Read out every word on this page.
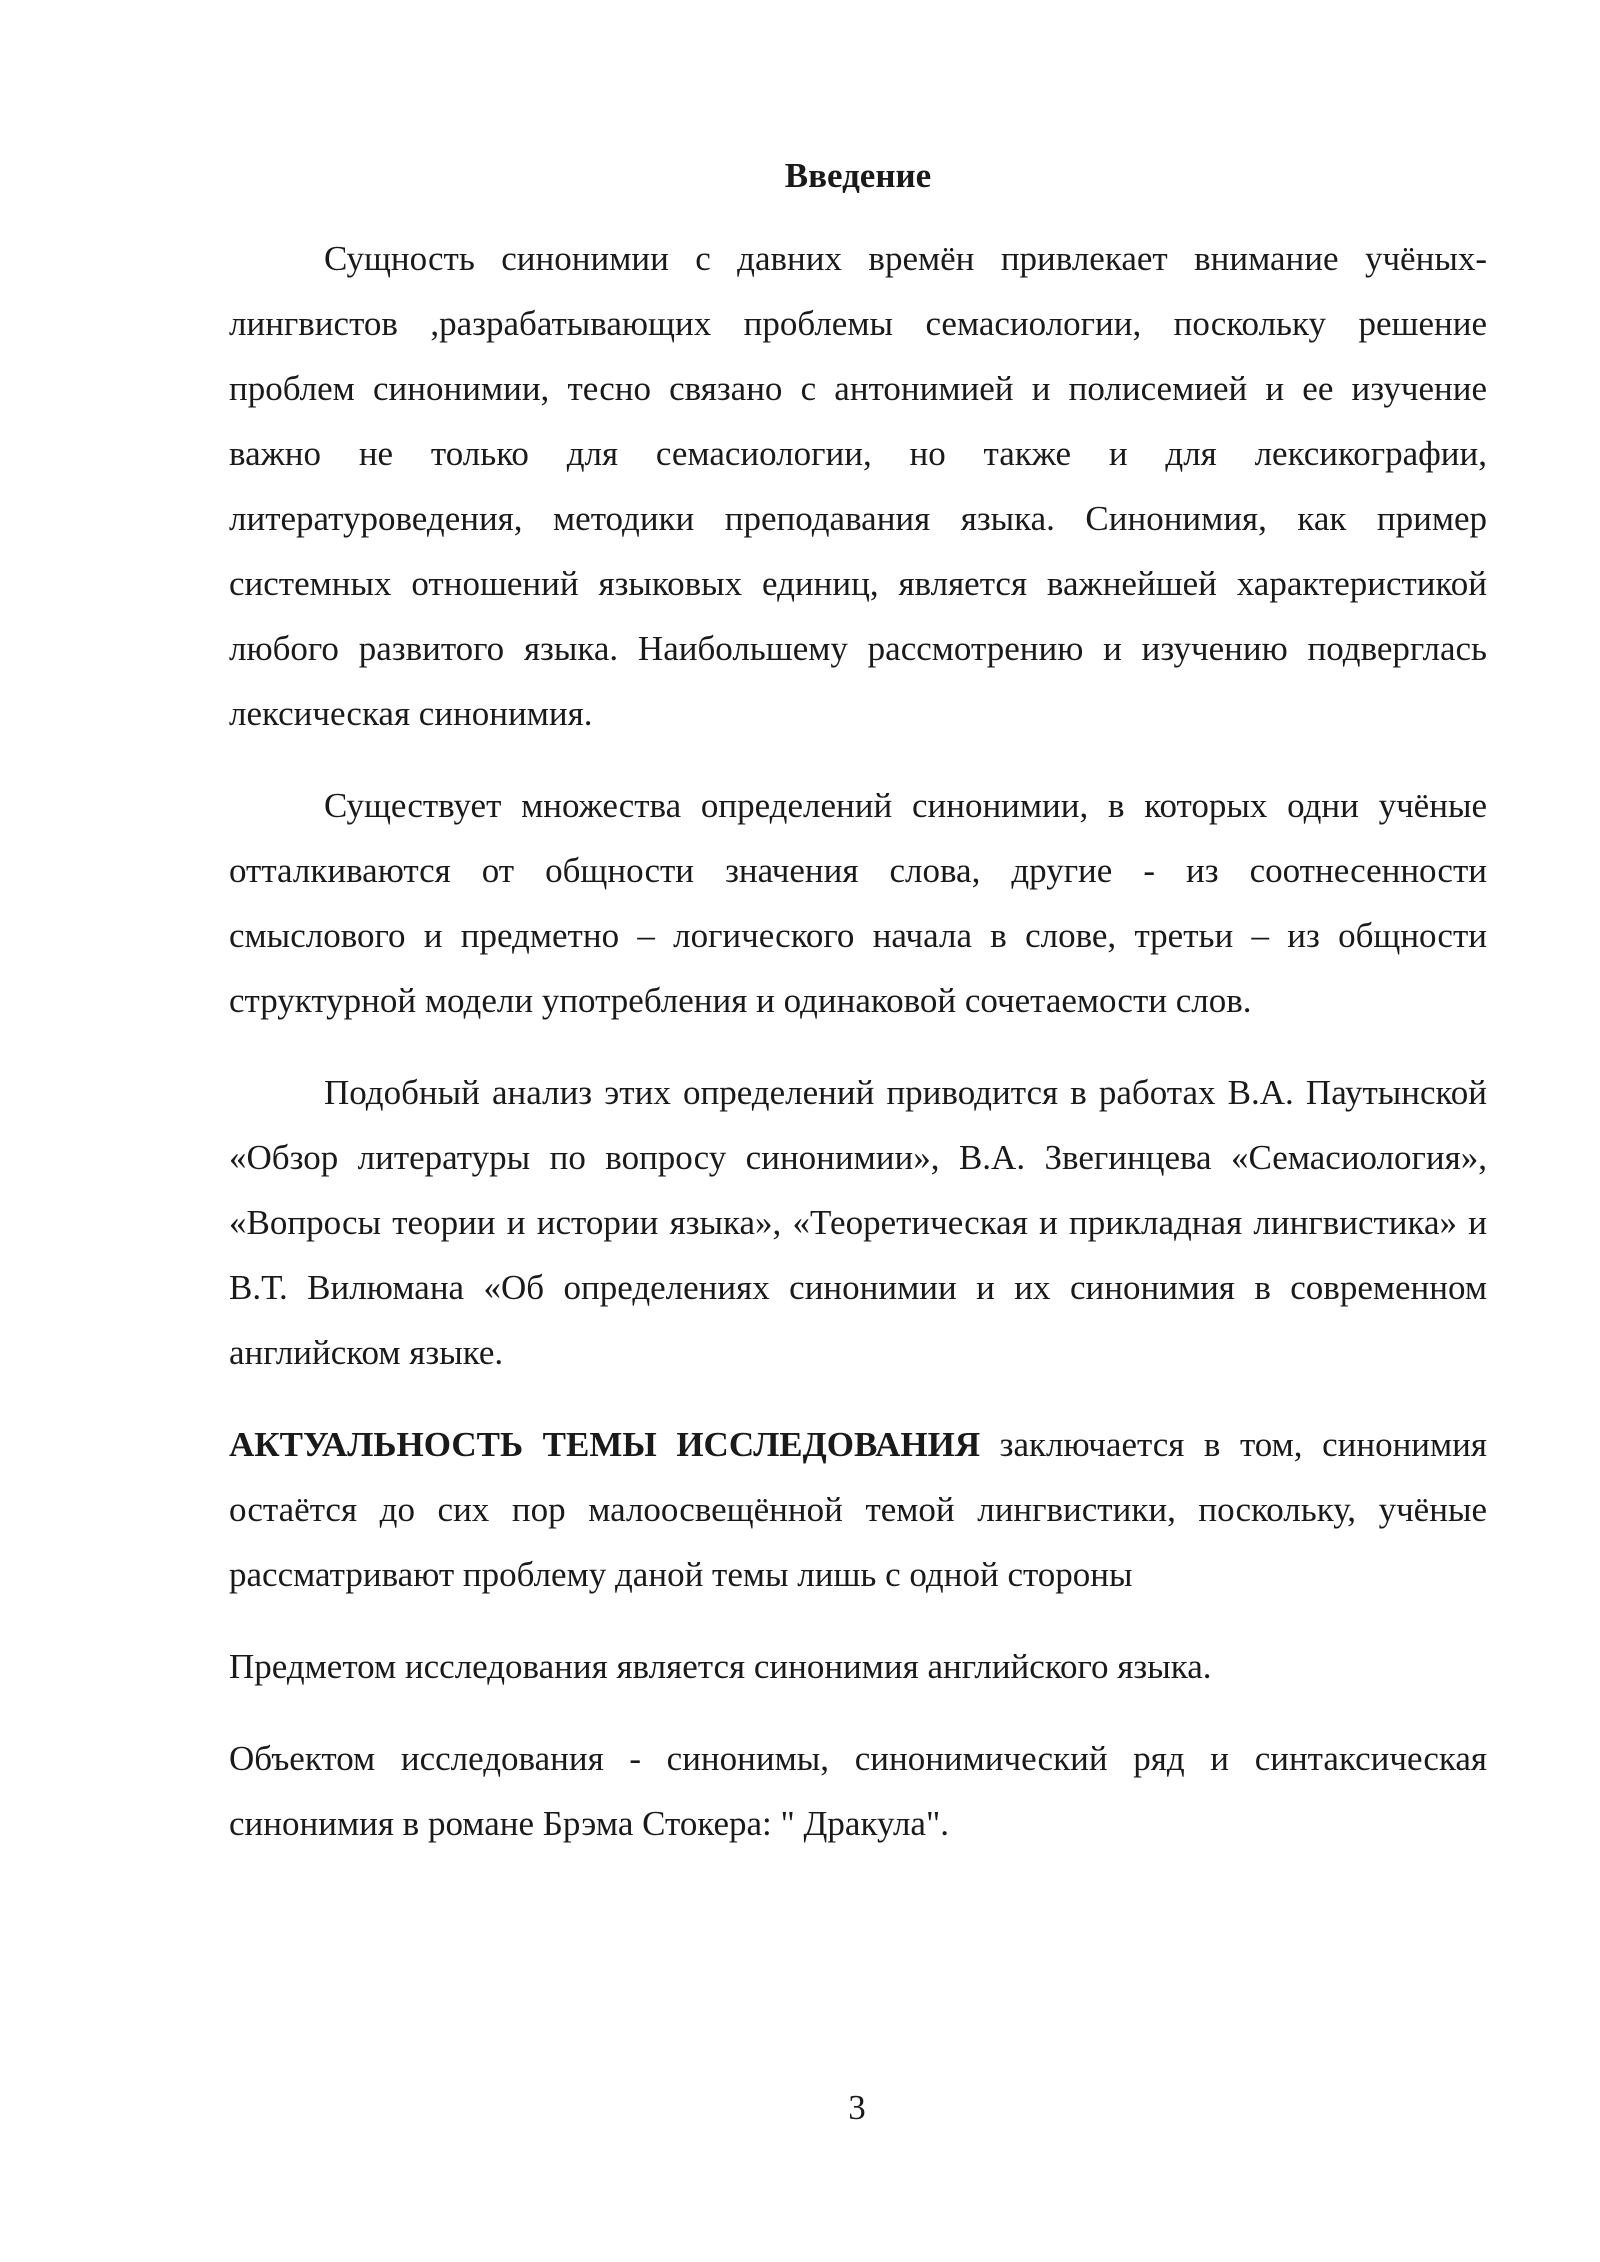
Введение

Сущность синонимии с давних времён привлекает внимание учёных-лингвистов ,разрабатывающих проблемы семасиологии, поскольку решение проблем синонимии, тесно связано с антонимией и полисемией и ее изучение важно не только для семасиологии, но также и для лексикографии, литературоведения, методики преподавания языка. Синонимия, как пример системных отношений языковых единиц, является важнейшей характеристикой любого развитого языка. Наибольшему рассмотрению и изучению подверглась лексическая синонимия.

Существует множества определений синонимии, в которых одни учёные отталкиваются от общности значения слова, другие - из соотнесенности смыслового и предметно – логического начала в слове, третьи – из общности структурной модели употребления и одинаковой сочетаемости слов.

Подобный анализ этих определений приводится в работах В.А. Паутынской «Обзор литературы по вопросу синонимии», В.А. Звегинцева «Семасиология», «Вопросы теории и истории языка», «Теоретическая и прикладная лингвистика» и В.Т. Вилюмана «Об определениях синонимии и их синонимия в современном английском языке.

АКТУАЛЬНОСТЬ ТЕМЫ ИССЛЕДОВАНИЯ заключается в том, синонимия остаётся до сих пор малоосвещённой темой лингвистики, поскольку, учёные рассматривают проблему даной темы лишь с одной стороны

Предметом исследования является синонимия английского языка.

Объектом исследования - синонимы, синонимический ряд и синтаксическая синонимия в романе Брэма Стокера: " Дракула".

3
